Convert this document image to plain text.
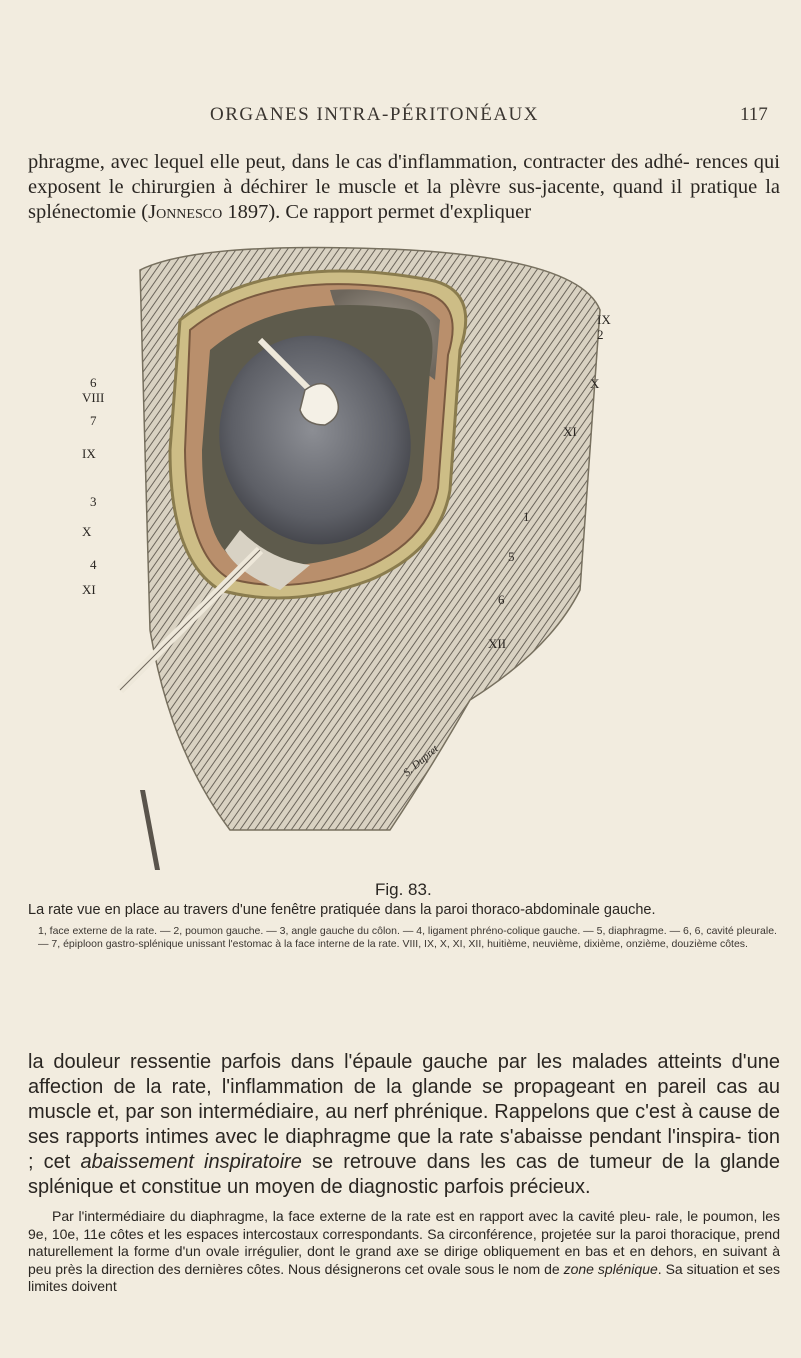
ORGANES INTRA-PÉRITONÉAUX	117

phragme, avec lequel elle peut, dans le cas d'inflammation, contracter des adhé- rences qui exposent le chirurgien à déchirer le muscle et la plèvre sus-jacente, quand il pratique la splénectomie (Jonnesco 1897). Ce rapport permet d'expliquer

6
VIII
7
IX
3
X
4
XI
IX
2
X
XI
1
5
6
XII
S. Dupret
Fig. 83.

La rate vue en place au travers d'une fenêtre pratiquée dans la paroi thoraco-abdominale gauche.

1, face externe de la rate. — 2, poumon gauche. — 3, angle gauche du côlon. — 4, ligament phréno-colique gauche. — 5, diaphragme. — 6, 6, cavité pleurale. — 7, épiploon gastro-splénique unissant l'estomac à la face interne de la rate. VIII, IX, X, XI, XII, huitième, neuvième, dixième, onzième, douzième côtes.

la douleur ressentie parfois dans l'épaule gauche par les malades atteints d'une affection de la rate, l'inflammation de la glande se propageant en pareil cas au muscle et, par son intermédiaire, au nerf phrénique. Rappelons que c'est à cause de ses rapports intimes avec le diaphragme que la rate s'abaisse pendant l'inspira- tion ; cet abaissement inspiratoire se retrouve dans les cas de tumeur de la glande splénique et constitue un moyen de diagnostic parfois précieux.

Par l'intermédiaire du diaphragme, la face externe de la rate est en rapport avec la cavité pleu- rale, le poumon, les 9e, 10e, 11e côtes et les espaces intercostaux correspondants. Sa circonférence, projetée sur la paroi thoracique, prend naturellement la forme d'un ovale irrégulier, dont le grand axe se dirige obliquement en bas et en dehors, en suivant à peu près la direction des dernières côtes. Nous désignerons cet ovale sous le nom de zone splénique. Sa situation et ses limites doivent
